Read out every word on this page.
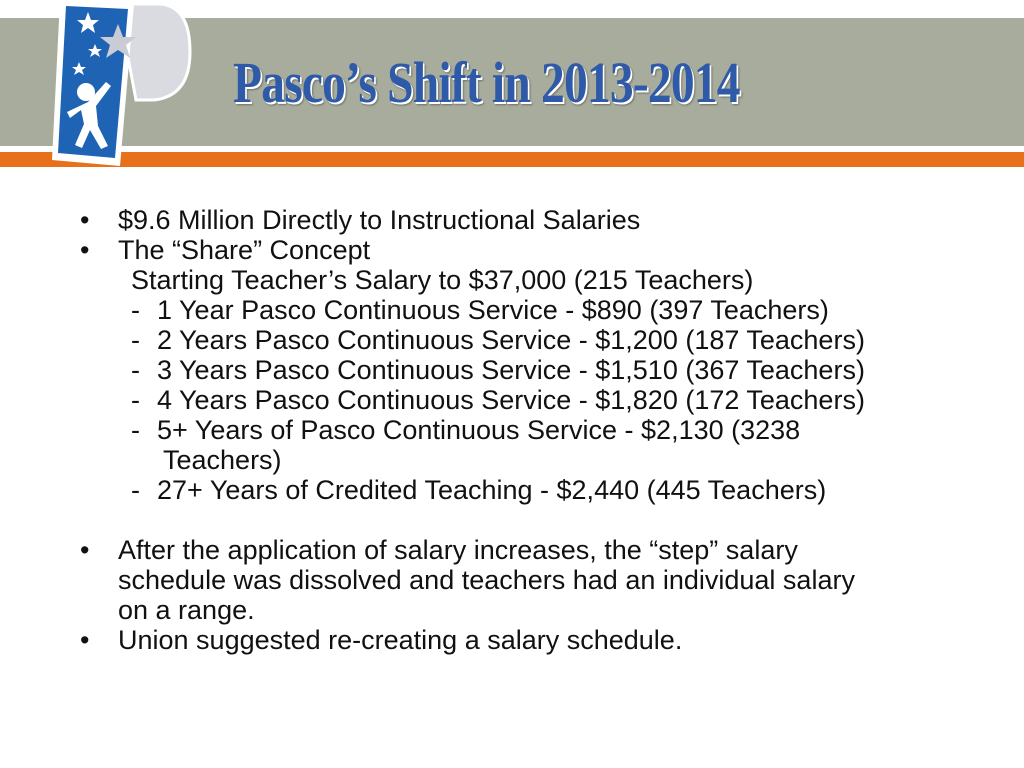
Pasco’s Shift in 2013-2014
• $9.6 Million Directly to Instructional Salaries
• The “Share” Concept
Starting Teacher’s Salary to $37,000 (215 Teachers)
- 1 Year Pasco Continuous Service - $890 (397 Teachers)
- 2 Years Pasco Continuous Service - $1,200 (187 Teachers)
- 3 Years Pasco Continuous Service - $1,510 (367 Teachers)
- 4 Years Pasco Continuous Service - $1,820 (172 Teachers)
- 5+ Years of Pasco Continuous Service - $2,130 (3238
Teachers)
- 27+ Years of Credited Teaching - $2,440 (445 Teachers)
• After the application of salary increases, the “step” salary
schedule was dissolved and teachers had an individual salary
on a range.
• Union suggested re-creating a salary schedule.
